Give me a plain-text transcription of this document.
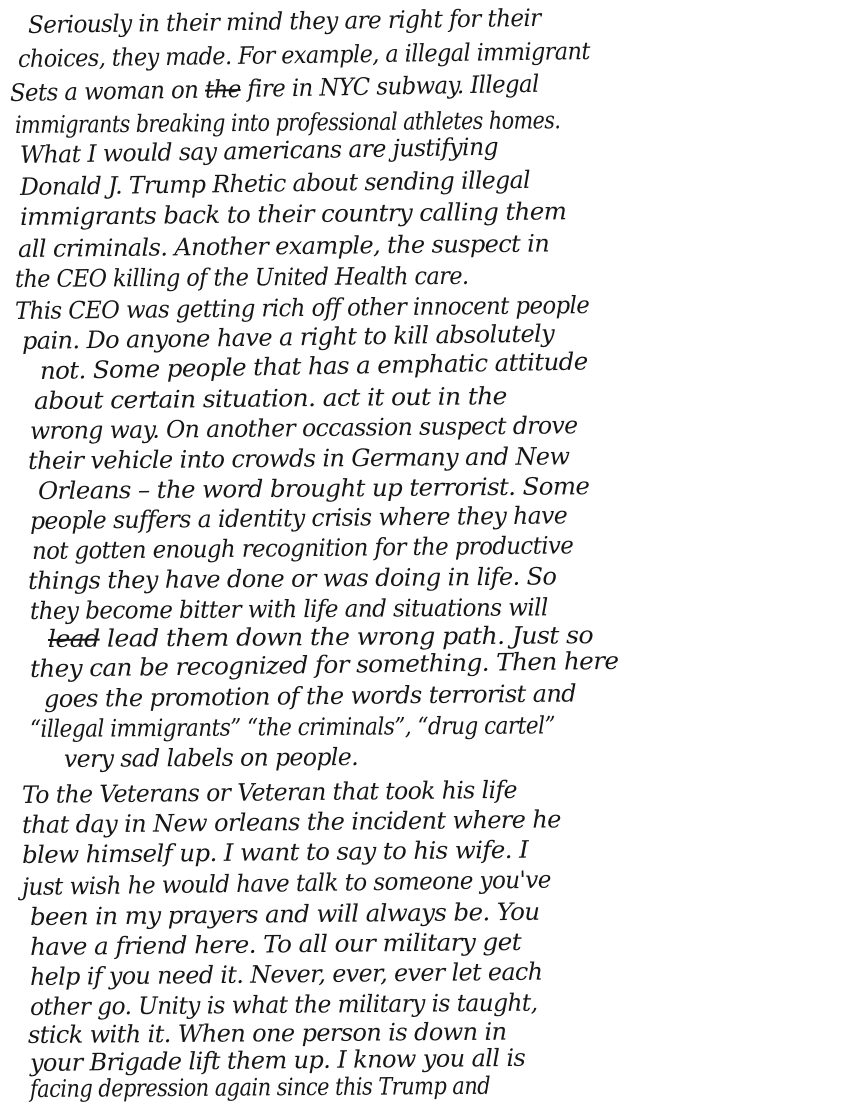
Seriously in their mind they are right for their
choices, they made. For example, a illegal immigrant
Sets a woman on the fire in NYC subway. Illegal
immigrants breaking into professional athletes homes.
What I would say americans are justifying
Donald J. Trump Rhetic about sending illegal
immigrants back to their country calling them
all criminals. Another example, the suspect in
the CEO killing of the United Health care.
This CEO was getting rich off other innocent people
pain. Do anyone have a right to kill absolutely
not. Some people that has a emphatic attitude
about certain situation. act it out in the
wrong way. On another occassion suspect drove
their vehicle into crowds in Germany and New
Orleans – the word brought up terrorist. Some
people suffers a identity crisis where they have
not gotten enough recognition for the productive
things they have done or was doing in life. So
they become bitter with life and situations will
lead lead them down the wrong path. Just so
they can be recognized for something. Then here
goes the promotion of the words terrorist and
“illegal immigrants” “the criminals”, “drug cartel”
very sad labels on people.
To the Veterans or Veteran that took his life
that day in New orleans the incident where he
blew himself up. I want to say to his wife. I
just wish he would have talk to someone you've
been in my prayers and will always be. You
have a friend here. To all our military get
help if you need it. Never, ever, ever let each
other go. Unity is what the military is taught,
stick with it. When one person is down in
your Brigade lift them up. I know you all is
facing depression again since this Trump and
